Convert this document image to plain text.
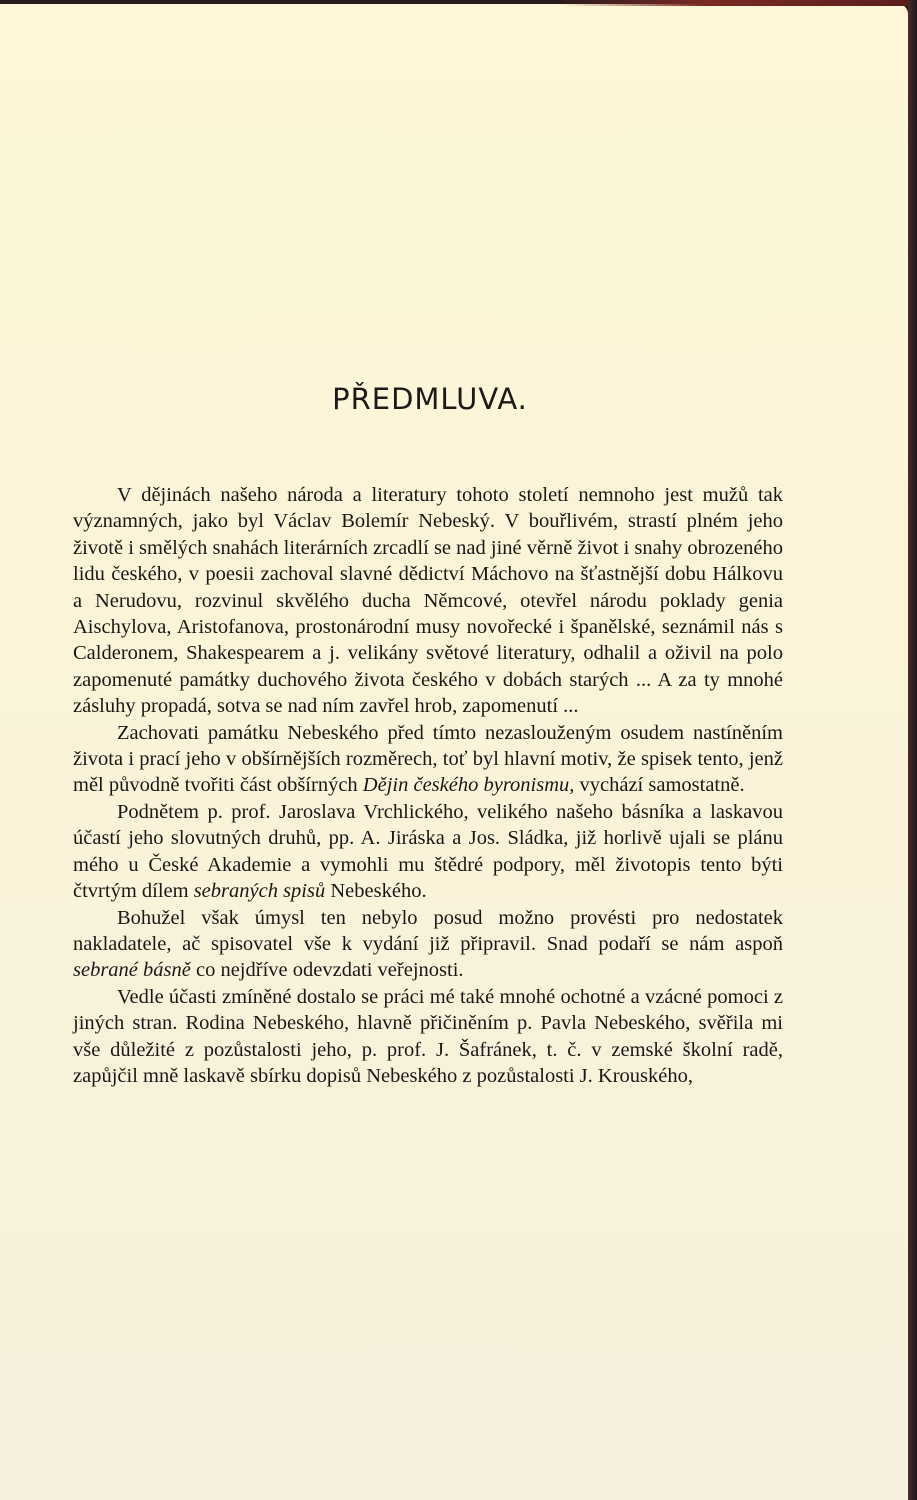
PŘEDMLUVA.

V dějinách našeho národa a literatury tohoto století nemnoho jest mužů tak významných, jako byl Václav Bolemír Nebeský. V bouřlivém, strastí plném jeho životě i smělých snahách literárních zrcadlí se nad jiné věrně život i snahy obrozeného lidu českého, v poesii zachoval slavné dědictví Máchovo na šťastnější dobu Hálkovu a Nerudovu, rozvinul skvělého ducha Němcové, otevřel národu poklady genia Aischylova, Aristofanova, prostonárodní musy novořecké i španělské, seznámil nás s Calderonem, Shakespearem a j. velikány světové literatury, odhalil a oživil na polo zapomenuté památky duchového života českého v dobách starých ... A za ty mnohé zásluhy propadá, sotva se nad ním zavřel hrob, zapomenutí ...

Zachovati památku Nebeského před tímto nezaslouženým osudem nastíněním života i prací jeho v obšírnějších rozměrech, toť byl hlavní motiv, že spisek tento, jenž měl původně tvořiti část obšírných Dějin českého byronismu, vychází samostatně.

Podnětem p. prof. Jaroslava Vrchlického, velikého našeho básníka a laskavou účastí jeho slovutných druhů, pp. A. Jiráska a Jos. Sládka, již horlivě ujali se plánu mého u České Akademie a vymohli mu štědré podpory, měl životopis tento býti čtvrtým dílem sebraných spisů Nebeského.

Bohužel však úmysl ten nebylo posud možno provésti pro nedostatek nakladatele, ač spisovatel vše k vydání již připravil. Snad podaří se nám aspoň sebrané básně co nejdříve odevzdati veřejnosti.

Vedle účasti zmíněné dostalo se práci mé také mnohé ochotné a vzácné pomoci z jiných stran. Rodina Nebeského, hlavně přičiněním p. Pavla Nebeského, svěřila mi vše důležité z pozůstalosti jeho, p. prof. J. Šafránek, t. č. v zemské školní radě, zapůjčil mně laskavě sbírku dopisů Nebeského z pozůstalosti J. Krouského,
